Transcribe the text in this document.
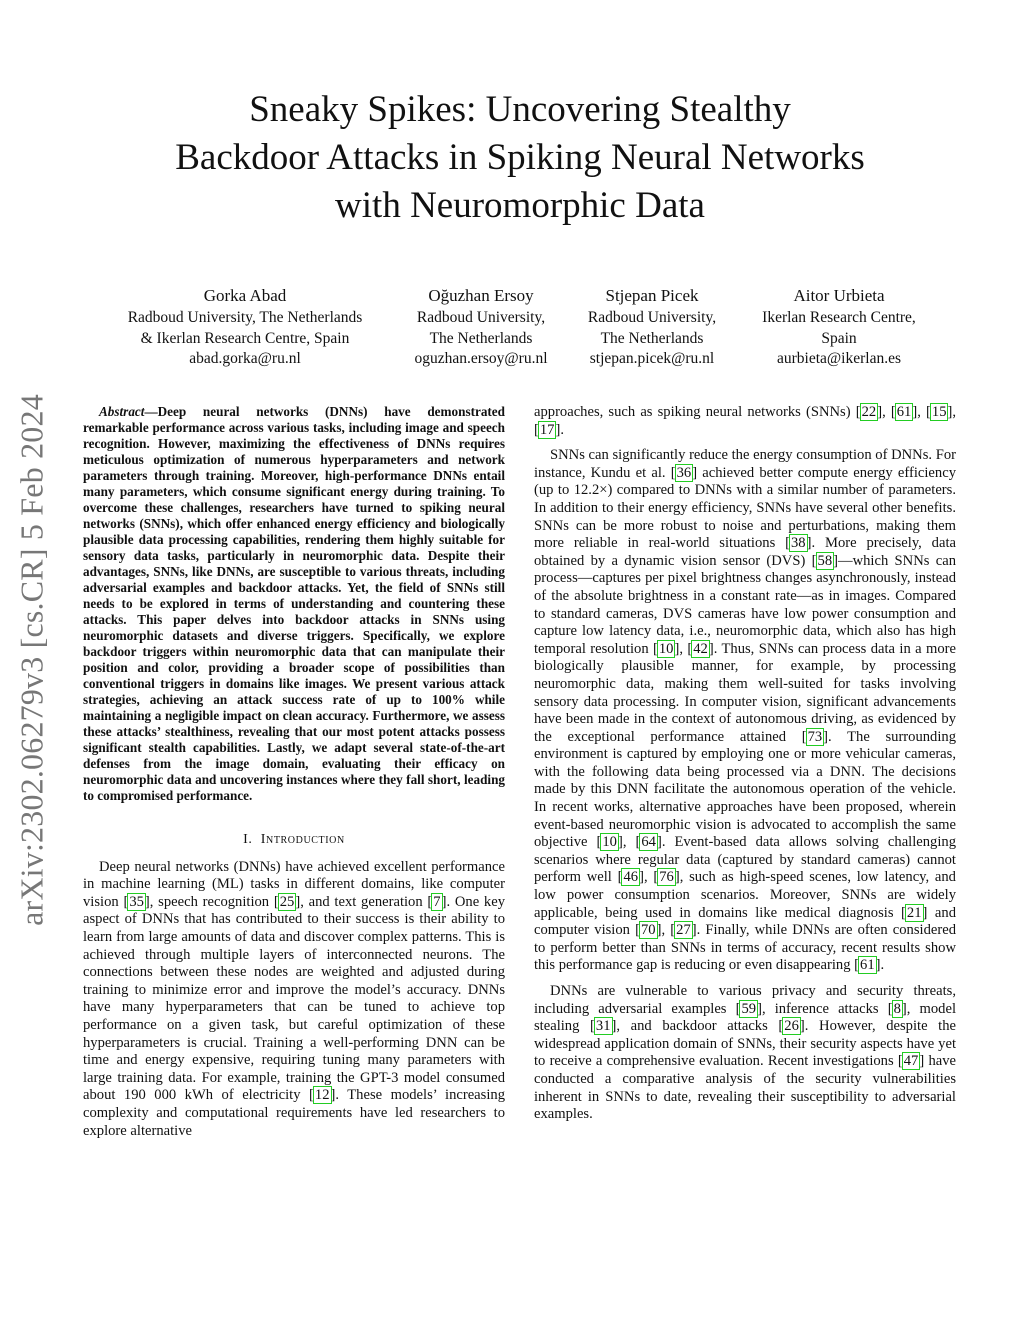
arXiv:2302.06279v3 [cs.CR] 5 Feb 2024
Sneaky Spikes: Uncovering Stealthy
Backdoor Attacks in Spiking Neural Networks
with Neuromorphic Data
Gorka Abad
Radboud University, The Netherlands
& Ikerlan Research Centre, Spain
abad.gorka@ru.nl
Oğuzhan Ersoy
Radboud University,
The Netherlands
oguzhan.ersoy@ru.nl
Stjepan Picek
Radboud University,
The Netherlands
stjepan.picek@ru.nl
Aitor Urbieta
Ikerlan Research Centre,
Spain
aurbieta@ikerlan.es

Abstract—Deep neural networks (DNNs) have demonstrated remarkable performance across various tasks, including image and speech recognition. However, maximizing the effectiveness of DNNs requires meticulous optimization of numerous hyperparameters and network parameters through training. Moreover, high-performance DNNs entail many parameters, which consume significant energy during training. To overcome these challenges, researchers have turned to spiking neural networks (SNNs), which offer enhanced energy efficiency and biologically plausible data processing capabilities, rendering them highly suitable for sensory data tasks, particularly in neuromorphic data. Despite their advantages, SNNs, like DNNs, are susceptible to various threats, including adversarial examples and backdoor attacks. Yet, the field of SNNs still needs to be explored in terms of understanding and countering these attacks. This paper delves into backdoor attacks in SNNs using neuromorphic datasets and diverse triggers. Specifically, we explore backdoor triggers within neuromorphic data that can manipulate their position and color, providing a broader scope of possibilities than conventional triggers in domains like images. We present various attack strategies, achieving an attack success rate of up to 100% while maintaining a negligible impact on clean accuracy. Furthermore, we assess these attacks’ stealthiness, revealing that our most potent attacks possess significant stealth capabilities. Lastly, we adapt several state-of-the-art defenses from the image domain, evaluating their efficacy on neuromorphic data and uncovering instances where they fall short, leading to compromised performance.

I. Introduction

Deep neural networks (DNNs) have achieved excellent performance in machine learning (ML) tasks in different domains, like computer vision [35], speech recognition [25], and text generation [7]. One key aspect of DNNs that has contributed to their success is their ability to learn from large amounts of data and discover complex patterns. This is achieved through multiple layers of interconnected neurons. The connections between these nodes are weighted and adjusted during training to minimize error and improve the model’s accuracy. DNNs have many hyperparameters that can be tuned to achieve top performance on a given task, but careful optimization of these hyperparameters is crucial. Training a well-performing DNN can be time and energy expensive, requiring tuning many parameters with large training data. For example, training the GPT-3 model consumed about 190 000 kWh of electricity [12]. These models’ increasing complexity and computational requirements have led researchers to explore alternative

approaches, such as spiking neural networks (SNNs) [22], [61], [15], [17].

SNNs can significantly reduce the energy consumption of DNNs. For instance, Kundu et al. [36] achieved better compute energy efficiency (up to 12.2×) compared to DNNs with a similar number of parameters. In addition to their energy efficiency, SNNs have several other benefits. SNNs can be more robust to noise and perturbations, making them more reliable in real-world situations [38]. More precisely, data obtained by a dynamic vision sensor (DVS) [58]—which SNNs can process—captures per pixel brightness changes asynchronously, instead of the absolute brightness in a constant rate—as in images. Compared to standard cameras, DVS cameras have low power consumption and capture low latency data, i.e., neuromorphic data, which also has high temporal resolution [10], [42]. Thus, SNNs can process data in a more biologically plausible manner, for example, by processing neuromorphic data, making them well-suited for tasks involving sensory data processing. In computer vision, significant advancements have been made in the context of autonomous driving, as evidenced by the exceptional performance attained [73]. The surrounding environment is captured by employing one or more vehicular cameras, with the following data being processed via a DNN. The decisions made by this DNN facilitate the autonomous operation of the vehicle. In recent works, alternative approaches have been proposed, wherein event-based neuromorphic vision is advocated to accomplish the same objective [10], [64]. Event-based data allows solving challenging scenarios where regular data (captured by standard cameras) cannot perform well [46], [76], such as high-speed scenes, low latency, and low power consumption scenarios. Moreover, SNNs are widely applicable, being used in domains like medical diagnosis [21] and computer vision [70], [27]. Finally, while DNNs are often considered to perform better than SNNs in terms of accuracy, recent results show this performance gap is reducing or even disappearing [61].

DNNs are vulnerable to various privacy and security threats, including adversarial examples [59], inference attacks [8], model stealing [31], and backdoor attacks [26]. However, despite the widespread application domain of SNNs, their security aspects have yet to receive a comprehensive evaluation. Recent investigations [47] have conducted a comparative analysis of the security vulnerabilities inherent in SNNs to date, revealing their susceptibility to adversarial examples.
